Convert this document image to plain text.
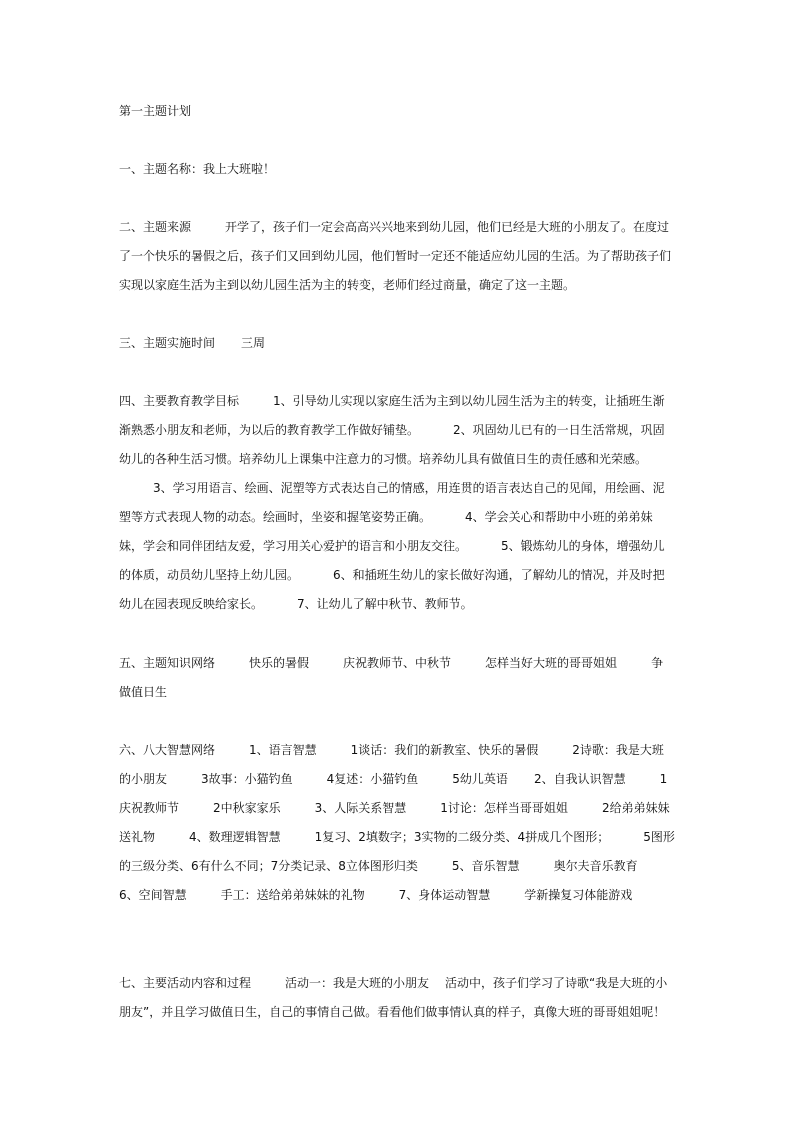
第一主题计划

一、主题名称：我上大班啦！

二、主题来源	开学了，孩子们一定会高高兴兴地来到幼儿园，他们已经是大班的小朋友了。在度过了一个快乐的暑假之后，孩子们又回到幼儿园，他们暂时一定还不能适应幼儿园的生活。为了帮助孩子们实现以家庭生活为主到以幼儿园生活为主的转变，老师们经过商量，确定了这一主题。

三、主题实施时间 三周

四、主要教育教学目标	1、引导幼儿实现以家庭生活为主到以幼儿园生活为主的转变，让插班生渐渐熟悉小朋友和老师，为以后的教育教学工作做好铺垫。	2、巩固幼儿已有的一日生活常规，巩固幼儿的各种生活习惯。培养幼儿上课集中注意力的习惯。培养幼儿具有做值日生的责任感和光荣感。3、学习用语言、绘画、泥塑等方式表达自己的情感，用连贯的语言表达自己的见闻，用绘画、泥塑等方式表现人物的动态。绘画时，坐姿和握笔姿势正确。	4、学会关心和帮助中小班的弟弟妹妹，学会和同伴团结友爱，学习用关心爱护的语言和小朋友交往。	5、锻炼幼儿的身体，增强幼儿的体质，动员幼儿坚持上幼儿园。	6、和插班生幼儿的家长做好沟通，了解幼儿的情况，并及时把幼儿在园表现反映给家长。	7、让幼儿了解中秋节、教师节。

五、主题知识网络	快乐的暑假	庆祝教师节、中秋节	怎样当好大班的哥哥姐姐	争做值日生

六、八大智慧网络	1、语言智慧	1谈话：我们的新教室、快乐的暑假	2诗歌：我是大班的小朋友	3故事：小猫钓鱼	4复述：小猫钓鱼	5幼儿英语 2、自我认识智慧	1庆祝教师节	2中秋家家乐	3、人际关系智慧	1讨论：怎样当哥哥姐姐	2给弟弟妹妹送礼物	4、数理逻辑智慧	1复习、2填数字；3实物的二级分类、4拼成几个图形；	5图形的三级分类、6有什么不同；7分类记录、8立体图形归类	5、音乐智慧	奥尔夫音乐教育6、空间智慧	手工：送给弟弟妹妹的礼物	7、身体运动智慧	学新操复习体能游戏

七、主要活动内容和过程	活动一：我是大班的小朋友 活动中，孩子们学习了诗歌“我是大班的小朋友”，并且学习做值日生，自己的事情自己做。看看他们做事情认真的样子，真像大班的哥哥姐姐呢！
